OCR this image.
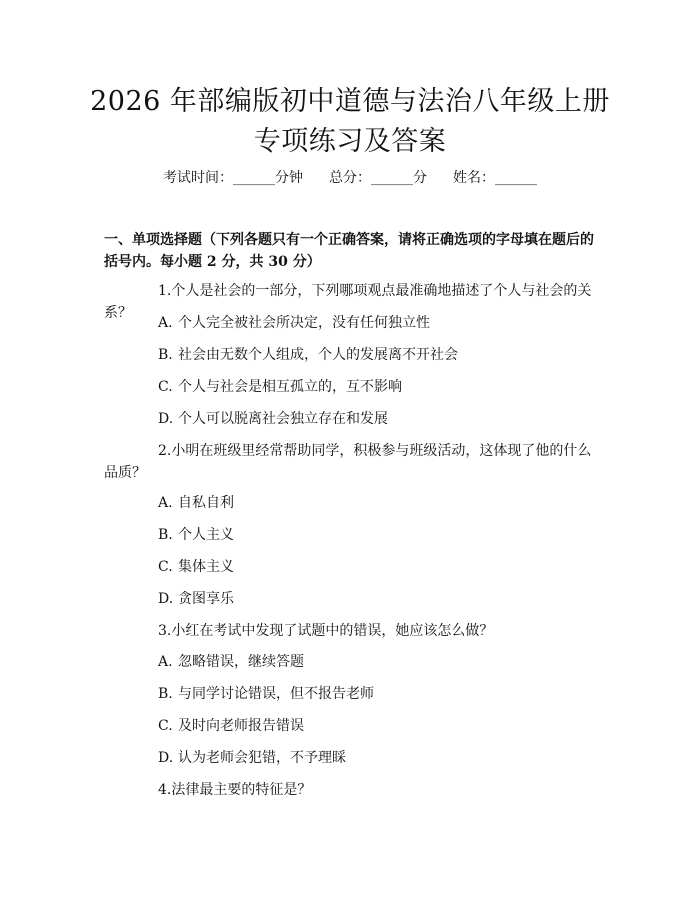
2026 年部编版初中道德与法治八年级上册专项练习及答案
考试时间：______分钟 总分：______分 姓名：______
一、单项选择题（下列各题只有一个正确答案，请将正确选项的字母填在题后的括号内。每小题 2 分，共 30 分）
1.个人是社会的一部分，下列哪项观点最准确地描述了个人与社会的关系？
A. 个人完全被社会所决定，没有任何独立性
B. 社会由无数个人组成，个人的发展离不开社会
C. 个人与社会是相互孤立的，互不影响
D. 个人可以脱离社会独立存在和发展
2.小明在班级里经常帮助同学，积极参与班级活动，这体现了他的什么品质？
A. 自私自利
B. 个人主义
C. 集体主义
D. 贪图享乐
3.小红在考试中发现了试题中的错误，她应该怎么做？
A. 忽略错误，继续答题
B. 与同学讨论错误，但不报告老师
C. 及时向老师报告错误
D. 认为老师会犯错，不予理睬
4.法律最主要的特征是？
